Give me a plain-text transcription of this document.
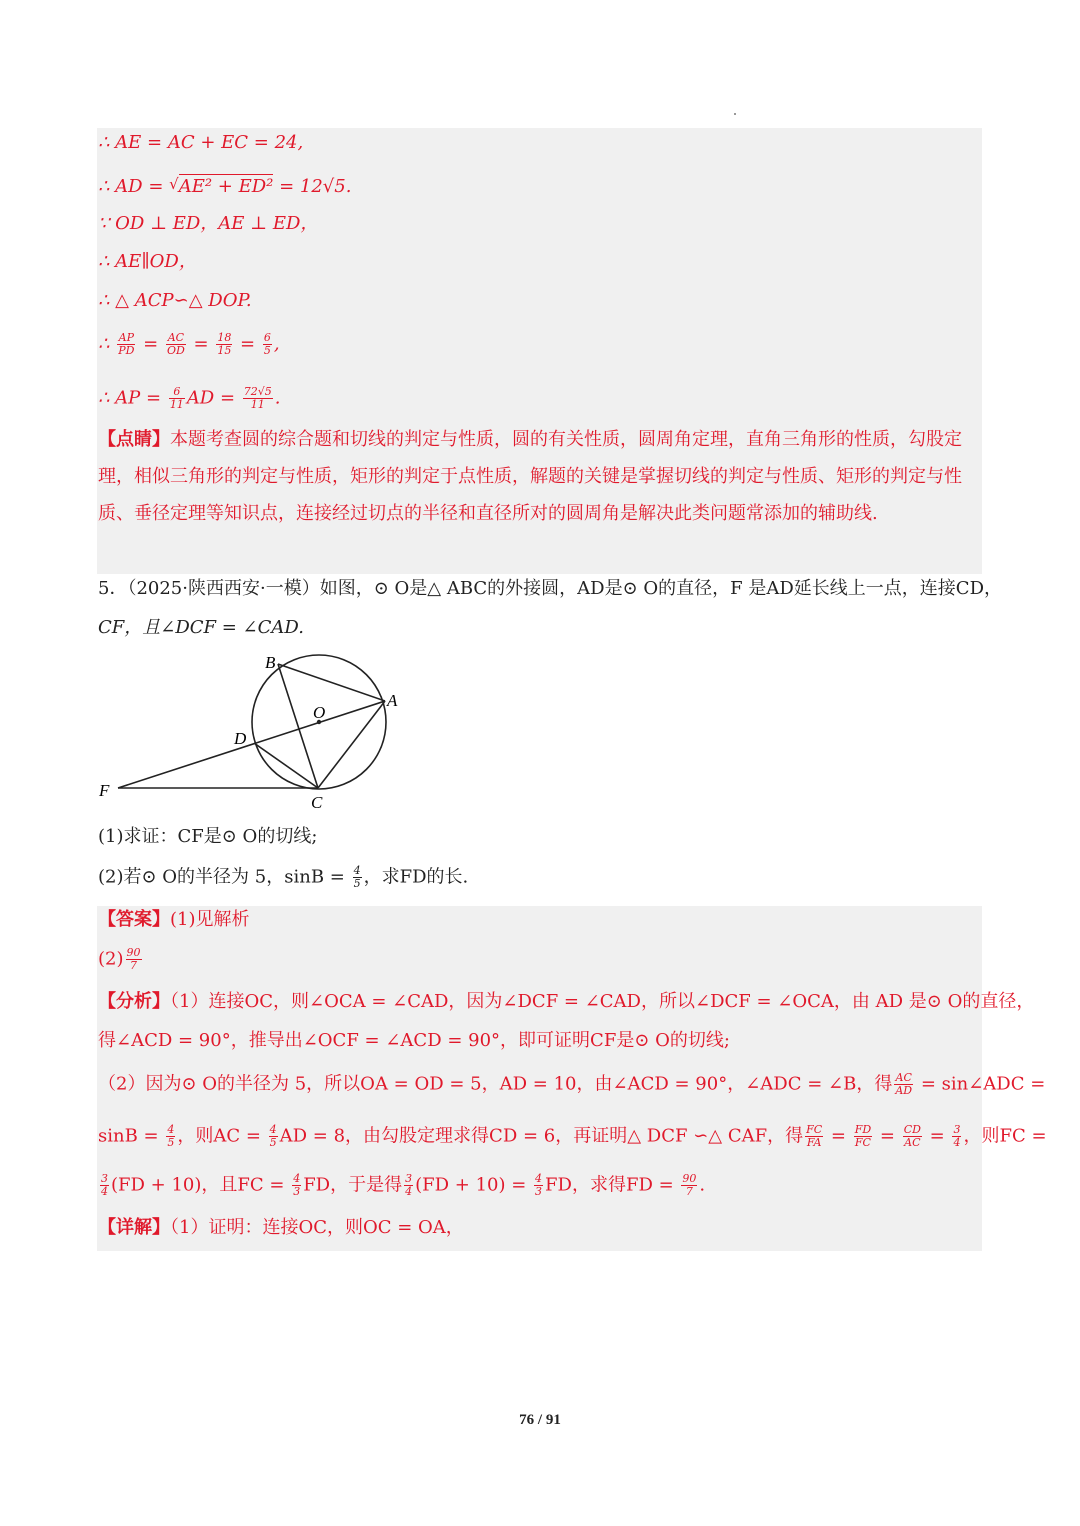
∴ AE = AC + EC = 24,
∴ AD = √AE² + ED² = 12√5.
∵ OD ⊥ ED，AE ⊥ ED，
∴ AE∥OD，
∴ △ ACP∽△ DOP.
∴ $\frac{AP}{PD} = \frac{AC}{OD} = \frac{18}{15} = \frac{6}{5}$ ,
∴ AP = $\frac{6}{11}$ AD = $\frac{72√5}{11}$ .
【点睛】本题考查圆的综合题和切线的判定与性质，圆的有关性质，圆周角定理，直角三角形的性质，勾股定理，相似三角形的判定与性质，矩形的判定于点性质，解题的关键是掌握切线的判定与性质、矩形的判定与性质、垂径定理等知识点，连接经过切点的半径和直径所对的圆周角是解决此类问题常添加的辅助线.
5．（2025·陕西西安·一模）如图，⊙ O是△ ABC的外接圆，AD是⊙ O的直径，F 是AD延长线上一点，连接CD，
CF，且∠DCF = ∠CAD.
B
A
O
D
F
C
(1)求证：CF是⊙ O的切线;
(2)若⊙ O的半径为 5，$\sin B = \frac{4}{5}$ ，求FD的长.
【答案】(1)见解析
$(2) \frac{90}{7}$
【分析】（1）连接OC，则∠OCA = ∠CAD，因为∠DCF = ∠CAD，所以∠DCF = ∠OCA，由 AD 是⊙ O的直径，
得∠ACD = 90°，推导出∠OCF = ∠ACD = 90°，即可证明CF是⊙ O的切线;
（2）因为⊙ O的半径为 5，所以OA = OD = 5，AD = 10，由∠ACD = 90°，∠ADC = ∠B，得 $\frac{AC}{AD}$ = sin∠ADC =
$\sin B = \frac{4}{5}$ ，则AC = $\frac{4}{5}$ AD = 8，由勾股定理求得CD = 6，再证明△ DCF ∽△ CAF，得 $\frac{FC}{FA} = \frac{FD}{FC} = \frac{CD}{AC} = \frac{3}{4}$ ，则FC =
$\frac{3}{4} (FD + 10)$，且FC = $\frac{4}{3}$ FD，于是得 $\frac{3}{4} (FD + 10) = \frac{4}{3}$ FD，求得FD = $\frac{90}{7}$ .
【详解】（1）证明：连接OC，则OC = OA，
76 / 91
